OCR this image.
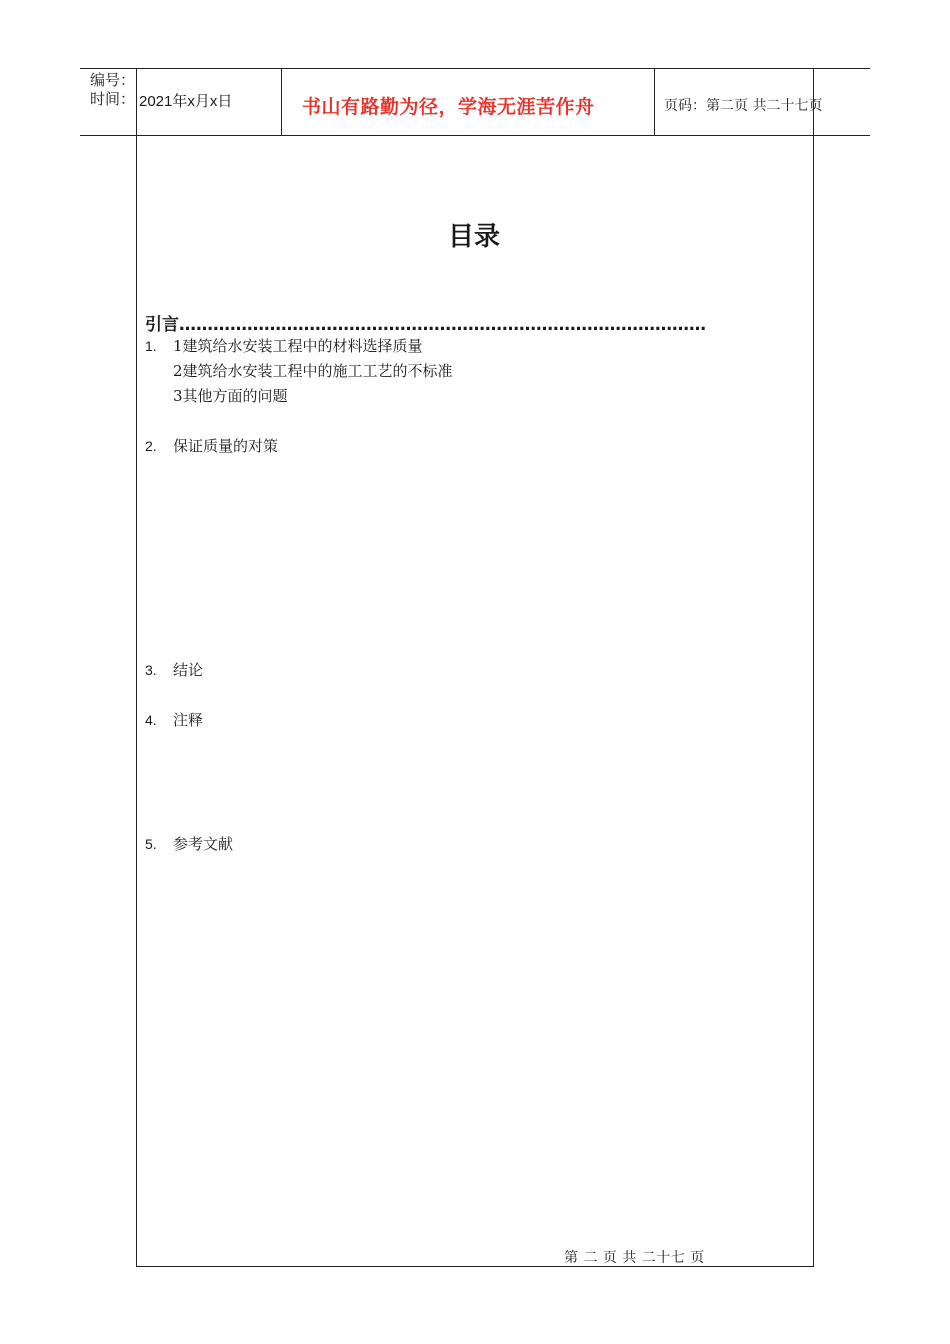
编号：
时间： 2021年x月x日	书山有路勤为径，学海无涯苦作舟	页码：第二页 共二十七页
目录
引言…………………………………………………………………………………
1. 1建筑给水安装工程中的材料选择质量
2建筑给水安装工程中的施工工艺的不标准
3其他方面的问题
2. 保证质量的对策
3. 结论
4. 注释
5. 参考文献
第 二 页 共 二十七 页
